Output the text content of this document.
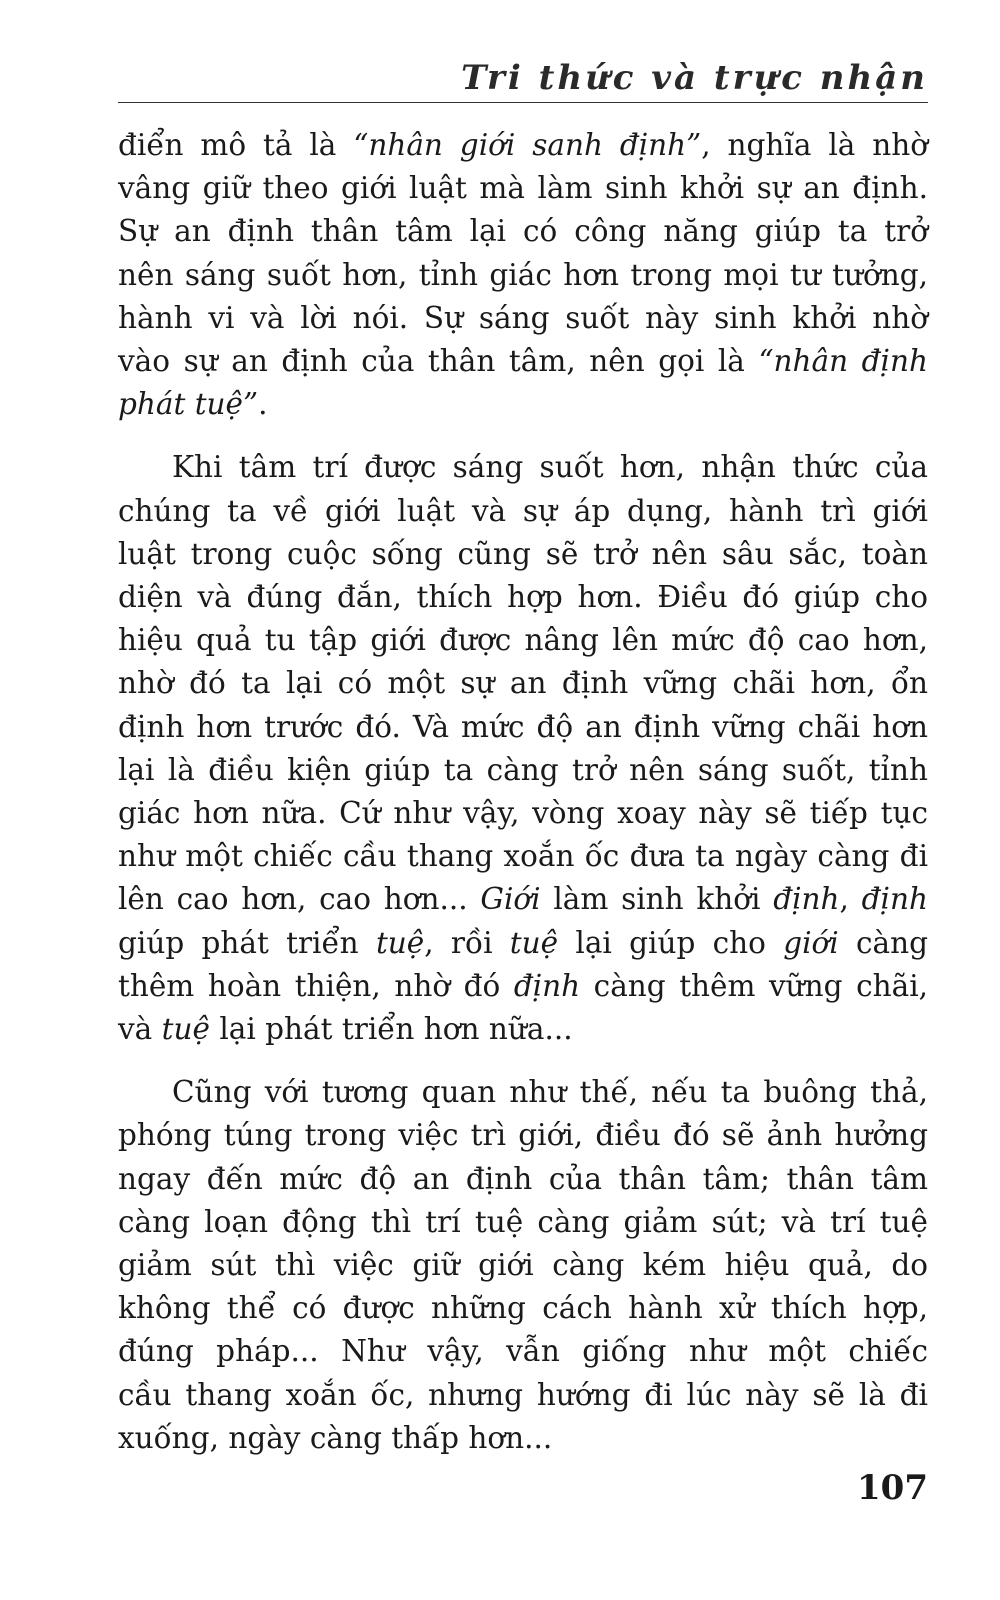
Tri thức và trực nhận

điển mô tả là “nhân giới sanh định”, nghĩa là nhờ
vâng giữ theo giới luật mà làm sinh khởi sự an định.
Sự an định thân tâm lại có công năng giúp ta trở
nên sáng suốt hơn, tỉnh giác hơn trong mọi tư tưởng,
hành vi và lời nói. Sự sáng suốt này sinh khởi nhờ
vào sự an định của thân tâm, nên gọi là “nhân định
phát tuệ”.

Khi tâm trí được sáng suốt hơn, nhận thức của
chúng ta về giới luật và sự áp dụng, hành trì giới
luật trong cuộc sống cũng sẽ trở nên sâu sắc, toàn
diện và đúng đắn, thích hợp hơn. Điều đó giúp cho
hiệu quả tu tập giới được nâng lên mức độ cao hơn,
nhờ đó ta lại có một sự an định vững chãi hơn, ổn
định hơn trước đó. Và mức độ an định vững chãi hơn
lại là điều kiện giúp ta càng trở nên sáng suốt, tỉnh
giác hơn nữa. Cứ như vậy, vòng xoay này sẽ tiếp tục
như một chiếc cầu thang xoắn ốc đưa ta ngày càng đi
lên cao hơn, cao hơn... Giới làm sinh khởi định, định
giúp phát triển tuệ, rồi tuệ lại giúp cho giới càng
thêm hoàn thiện, nhờ đó định càng thêm vững chãi,
và tuệ lại phát triển hơn nữa...

Cũng với tương quan như thế, nếu ta buông thả,
phóng túng trong việc trì giới, điều đó sẽ ảnh hưởng
ngay đến mức độ an định của thân tâm; thân tâm
càng loạn động thì trí tuệ càng giảm sút; và trí tuệ
giảm sút thì việc giữ giới càng kém hiệu quả, do
không thể có được những cách hành xử thích hợp,
đúng pháp... Như vậy, vẫn giống như một chiếc
cầu thang xoắn ốc, nhưng hướng đi lúc này sẽ là đi
xuống, ngày càng thấp hơn...

107
